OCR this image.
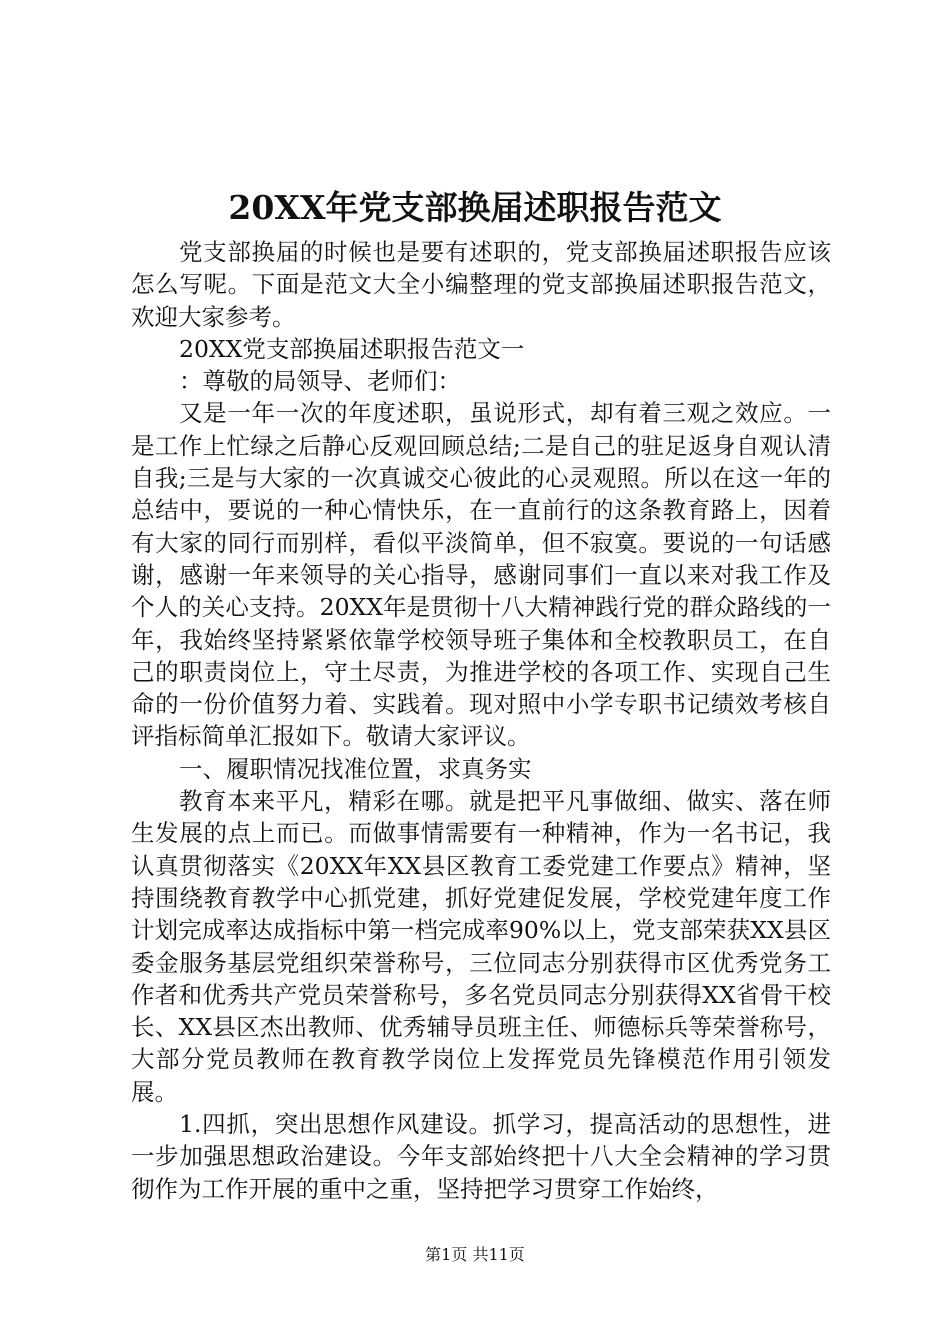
20XX年党支部换届述职报告范文

党支部换届的时候也是要有述职的，党支部换届述职报告应该怎么写呢。下面是范文大全小编整理的党支部换届述职报告范文，欢迎大家参考。

20XX党支部换届述职报告范文一

：尊敬的局领导、老师们：

又是一年一次的年度述职，虽说形式，却有着三观之效应。一是工作上忙绿之后静心反观回顾总结;二是自己的驻足返身自观认清自我;三是与大家的一次真诚交心彼此的心灵观照。所以在这一年的总结中，要说的一种心情快乐，在一直前行的这条教育路上，因着有大家的同行而别样，看似平淡简单，但不寂寞。要说的一句话感谢，感谢一年来领导的关心指导，感谢同事们一直以来对我工作及个人的关心支持。20XX年是贯彻十八大精神践行党的群众路线的一年，我始终坚持紧紧依靠学校领导班子集体和全校教职员工，在自己的职责岗位上，守土尽责，为推进学校的各项工作、实现自己生命的一份价值努力着、实践着。现对照中小学专职书记绩效考核自评指标简单汇报如下。敬请大家评议。

一、履职情况找准位置，求真务实

教育本来平凡，精彩在哪。就是把平凡事做细、做实、落在师生发展的点上而已。而做事情需要有一种精神，作为一名书记，我认真贯彻落实《20XX年XX县区教育工委党建工作要点》精神，坚持围绕教育教学中心抓党建，抓好党建促发展，学校党建年度工作计划完成率达成指标中第一档完成率90%以上，党支部荣获XX县区委金服务基层党组织荣誉称号，三位同志分别获得市区优秀党务工作者和优秀共产党员荣誉称号，多名党员同志分别获得XX省骨干校长、XX县区杰出教师、优秀辅导员班主任、师德标兵等荣誉称号，大部分党员教师在教育教学岗位上发挥党员先锋模范作用引领发展。

1.四抓，突出思想作风建设。抓学习，提高活动的思想性，进一步加强思想政治建设。今年支部始终把十八大全会精神的学习贯彻作为工作开展的重中之重，坚持把学习贯穿工作始终，

第1页 共11页
